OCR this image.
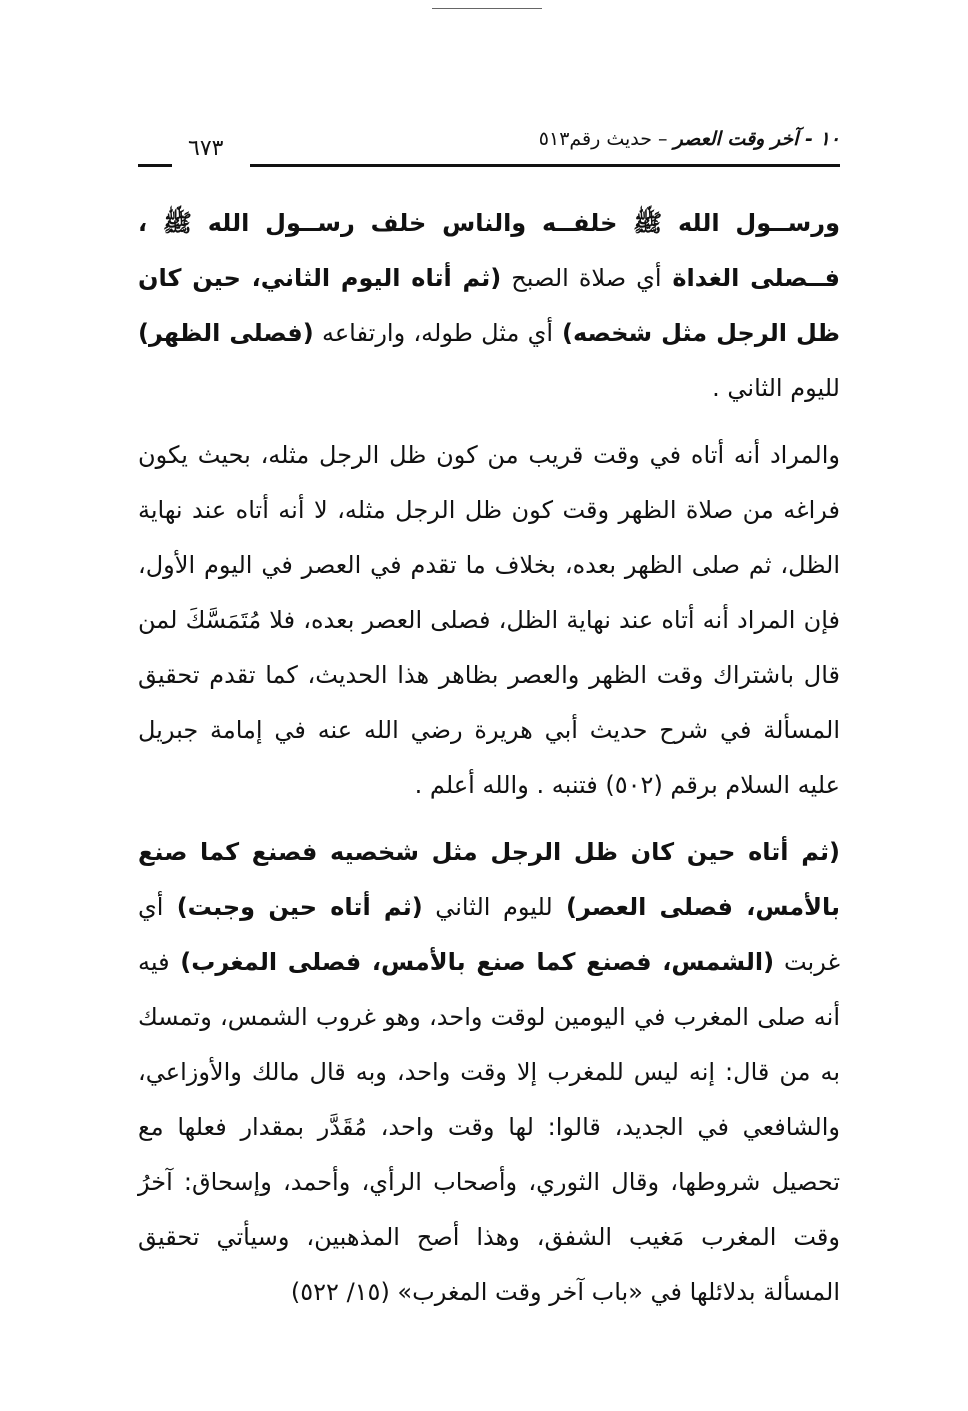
٦٧٣	١٠ - آخر وقت العصر – حديث رقم٥١٣

ورســول الله ﷺ خلفــه والناس خلف رســول الله ﷺ ، فــصلى الغداة أي صلاة الصبح (ثم أتاه اليوم الثاني، حين كان ظل الرجل مثل شخصه) أي مثل طوله، وارتفاعه (فصلى الظهر) لليوم الثاني .

والمراد أنه أتاه في وقت قريب من كون ظل الرجل مثله، بحيث يكون فراغه من صلاة الظهر وقت كون ظل الرجل مثله، لا أنه أتاه عند نهاية الظل، ثم صلى الظهر بعده، بخلاف ما تقدم في العصر في اليوم الأول، فإن المراد أنه أتاه عند نهاية الظل، فصلى العصر بعده، فلا مُتَمَسَّكَ لمن قال باشتراك وقت الظهر والعصر بظاهر هذا الحديث، كما تقدم تحقيق المسألة في شرح حديث أبي هريرة رضي الله عنه في إمامة جبريل عليه السلام برقم (٥٠٢) فتنبه . والله أعلم .

(ثم أتاه حين كان ظل الرجل مثل شخصيه فصنع كما صنع بالأمس، فصلى العصر) لليوم الثاني (ثم أتاه حين وجبت) أي غربت (الشمس، فصنع كما صنع بالأمس، فصلى المغرب) فيه أنه صلى المغرب في اليومين لوقت واحد، وهو غروب الشمس، وتمسك به من قال: إنه ليس للمغرب إلا وقت واحد، وبه قال مالك والأوزاعي، والشافعي في الجديد، قالوا: لها وقت واحد، مُقَدَّر بمقدار فعلها مع تحصيل شروطها، وقال الثوري، وأصحاب الرأي، وأحمد، وإسحاق: آخرُ وقت المغرب مَغيب الشفق، وهذا أصح المذهبين، وسيأتي تحقيق المسألة بدلائلها في «باب آخر وقت المغرب» (١٥/ ٥٢٢)
